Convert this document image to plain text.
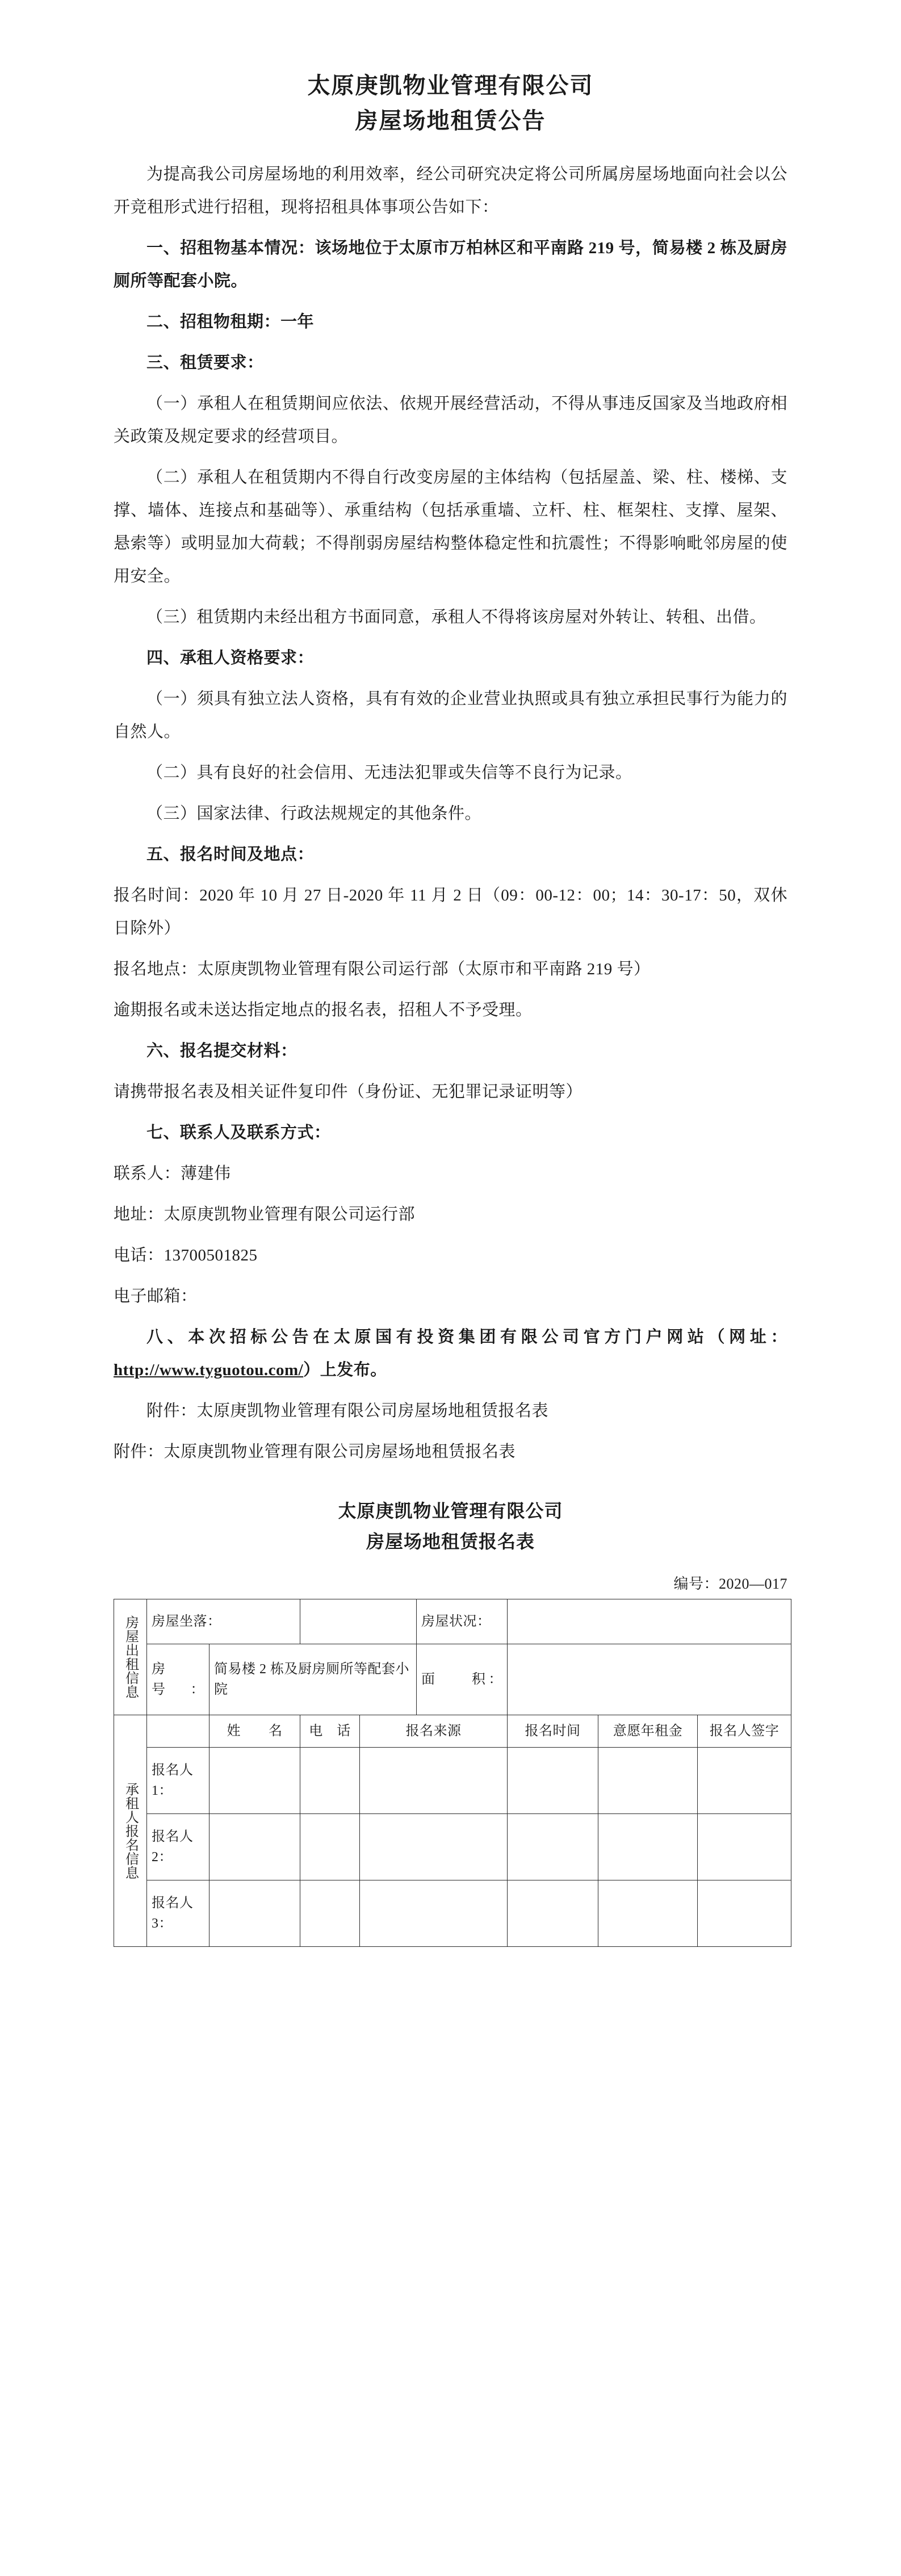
太原庚凯物业管理有限公司
房屋场地租赁公告

为提高我公司房屋场地的利用效率，经公司研究决定将公司所属房屋场地面向社会以公开竞租形式进行招租，现将招租具体事项公告如下：

一、招租物基本情况：该场地位于太原市万柏林区和平南路 219 号，简易楼 2 栋及厨房厕所等配套小院。

二、招租物租期：一年

三、租赁要求：

（一）承租人在租赁期间应依法、依规开展经营活动，不得从事违反国家及当地政府相关政策及规定要求的经营项目。

（二）承租人在租赁期内不得自行改变房屋的主体结构（包括屋盖、梁、柱、楼梯、支撑、墙体、连接点和基础等）、承重结构（包括承重墙、立杆、柱、框架柱、支撑、屋架、悬索等）或明显加大荷载；不得削弱房屋结构整体稳定性和抗震性；不得影响毗邻房屋的使用安全。

（三）租赁期内未经出租方书面同意，承租人不得将该房屋对外转让、转租、出借。

四、承租人资格要求：

（一）须具有独立法人资格，具有有效的企业营业执照或具有独立承担民事行为能力的自然人。

（二）具有良好的社会信用、无违法犯罪或失信等不良行为记录。

（三）国家法律、行政法规规定的其他条件。

五、报名时间及地点：

报名时间：2020 年 10 月 27 日-2020 年 11 月 2 日（09：00-12：00；14：30-17：50，双休日除外）

报名地点：太原庚凯物业管理有限公司运行部（太原市和平南路 219 号）

逾期报名或未送达指定地点的报名表，招租人不予受理。

六、报名提交材料：

请携带报名表及相关证件复印件（身份证、无犯罪记录证明等）

七、联系人及联系方式：

联系人：薄建伟

地址：太原庚凯物业管理有限公司运行部

电话：13700501825

电子邮箱：

八、本次招标公告在太原国有投资集团有限公司官方门户网站（网址：http://www.tyguotou.com/）上发布。

附件：太原庚凯物业管理有限公司房屋场地租赁报名表

附件：太原庚凯物业管理有限公司房屋场地租赁报名表
太原庚凯物业管理有限公司
房屋场地租赁报名表
编号：2020—017
房屋出租信息	房屋坐落：				房屋状况：			
	房　　号：	简易楼 2 栋及厨房厕所等配套小院			面　　积：			
承租人报名信息		姓　　名	电　话	报名来源		报名时间	意愿年租金	报名人签字
	报名人 1：							
	报名人 2：							
	报名人 3：							
